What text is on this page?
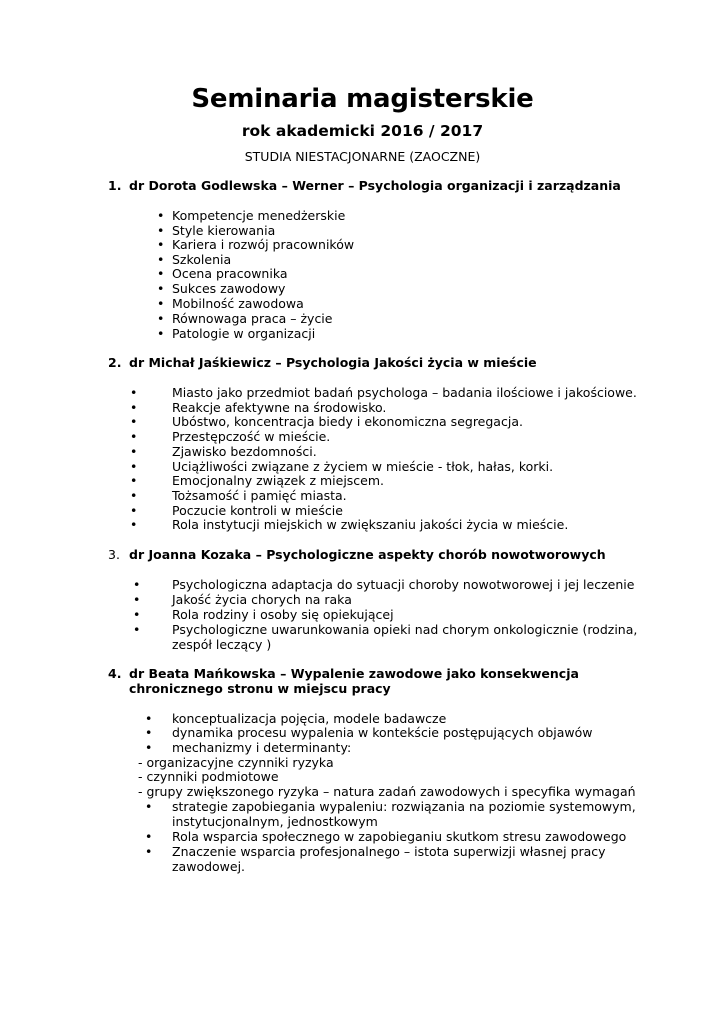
Seminaria magisterskie
rok akademicki 2016 / 2017
STUDIA NIESTACJONARNE (ZAOCZNE)
1. dr Dorota Godlewska – Werner – Psychologia organizacji i zarządzania
• Kompetencje menedżerskie
• Style kierowania
• Kariera i rozwój pracowników
• Szkolenia
• Ocena pracownika
• Sukces zawodowy
• Mobilność zawodowa
• Równowaga praca – życie
• Patologie w organizacji
2. dr Michał Jaśkiewicz – Psychologia Jakości życia w mieście
•	Miasto jako przedmiot badań psychologa – badania ilościowe i jakościowe.
•	Reakcje afektywne na środowisko.
•	Ubóstwo, koncentracja biedy i ekonomiczna segregacja.
•	Przestępczość w mieście.
•	Zjawisko bezdomności.
•	Uciążliwości związane z życiem w mieście - tłok, hałas, korki.
•	Emocjonalny związek z miejscem.
•	Tożsamość i pamięć miasta.
•	Poczucie kontroli w mieście
•	Rola instytucji miejskich w zwiększaniu jakości życia w mieście.
3. dr Joanna Kozaka – Psychologiczne aspekty chorób nowotworowych
•	Psychologiczna adaptacja do sytuacji choroby nowotworowej i jej leczenie
•	Jakość życia chorych na raka
•	Rola rodziny i osoby się opiekującej
•	Psychologiczne uwarunkowania opieki nad chorym onkologicznie (rodzina,
zespół leczący )
4. dr Beata Mańkowska – Wypalenie zawodowe jako konsekwencja
chronicznego stronu w miejscu pracy
• konceptualizacja pojęcia, modele badawcze
• dynamika procesu wypalenia w kontekście postępujących objawów
• mechanizmy i determinanty:
- organizacyjne czynniki ryzyka
- czynniki podmiotowe
- grupy zwiększonego ryzyka – natura zadań zawodowych i specyfika wymagań
• strategie zapobiegania wypaleniu: rozwiązania na poziomie systemowym,
instytucjonalnym, jednostkowym
• Rola wsparcia społecznego w zapobieganiu skutkom stresu zawodowego
• Znaczenie wsparcia profesjonalnego – istota superwizji własnej pracy
zawodowej.
